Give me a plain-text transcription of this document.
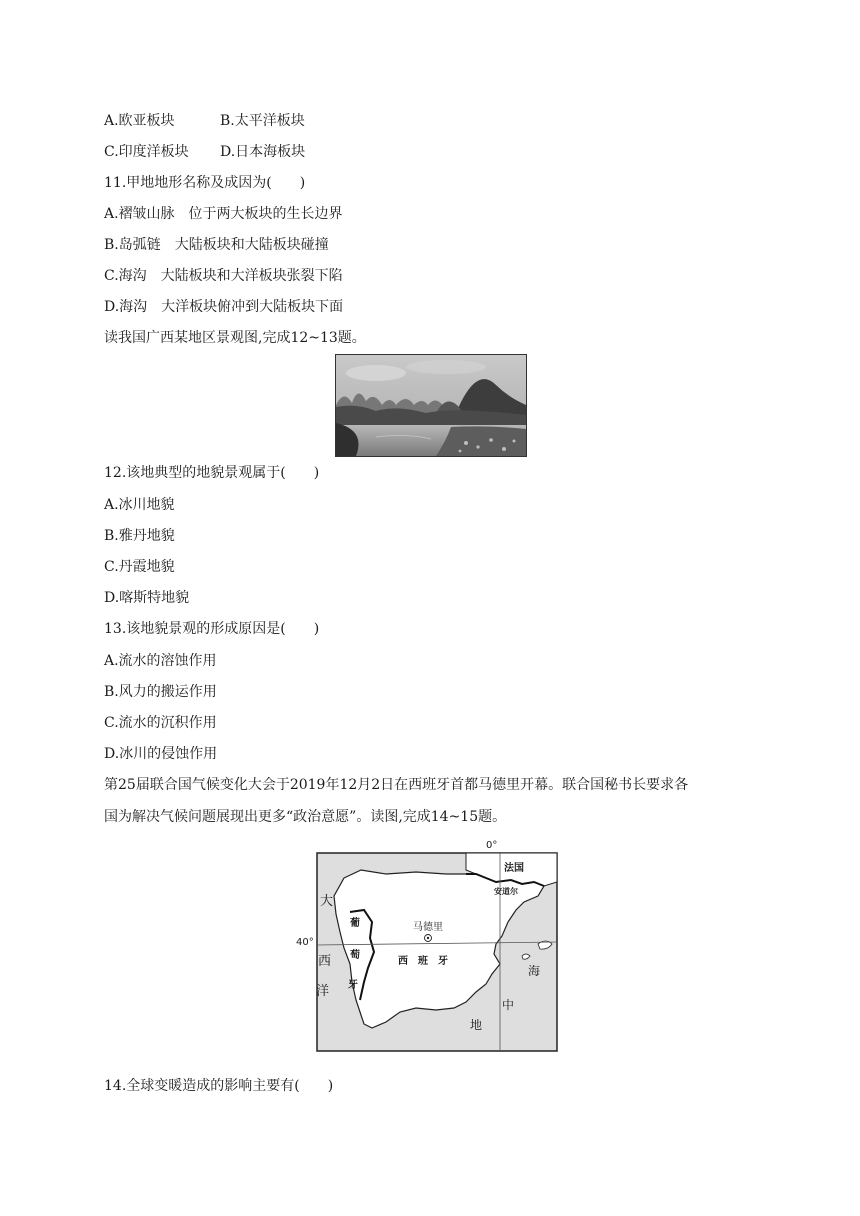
A.欧亚板块	B.太平洋板块
C.印度洋板块 D.日本海板块
11.甲地地形名称及成因为(　　)
A.褶皱山脉　位于两大板块的生长边界
B.岛弧链　大陆板块和大陆板块碰撞
C.海沟　大陆板块和大洋板块张裂下陷
D.海沟　大洋板块俯冲到大陆板块下面
读我国广西某地区景观图,完成12~13题。
12.该地典型的地貌景观属于(　　)
A.冰川地貌
B.雅丹地貌
C.丹霞地貌
D.喀斯特地貌
13.该地貌景观的形成原因是(　　)
A.流水的溶蚀作用
B.风力的搬运作用
C.流水的沉积作用
D.冰川的侵蚀作用
第25届联合国气候变化大会于2019年12月2日在西班牙首都马德里开幕。联合国秘书长要求各
国为解决气候问题展现出更多“政治意愿”。读图,完成14~15题。
0°
40°
法国
安道尔
马德里
西　班　牙
葡
萄
牙
大
西
洋
地
中
海
14.全球变暖造成的影响主要有(　　)
